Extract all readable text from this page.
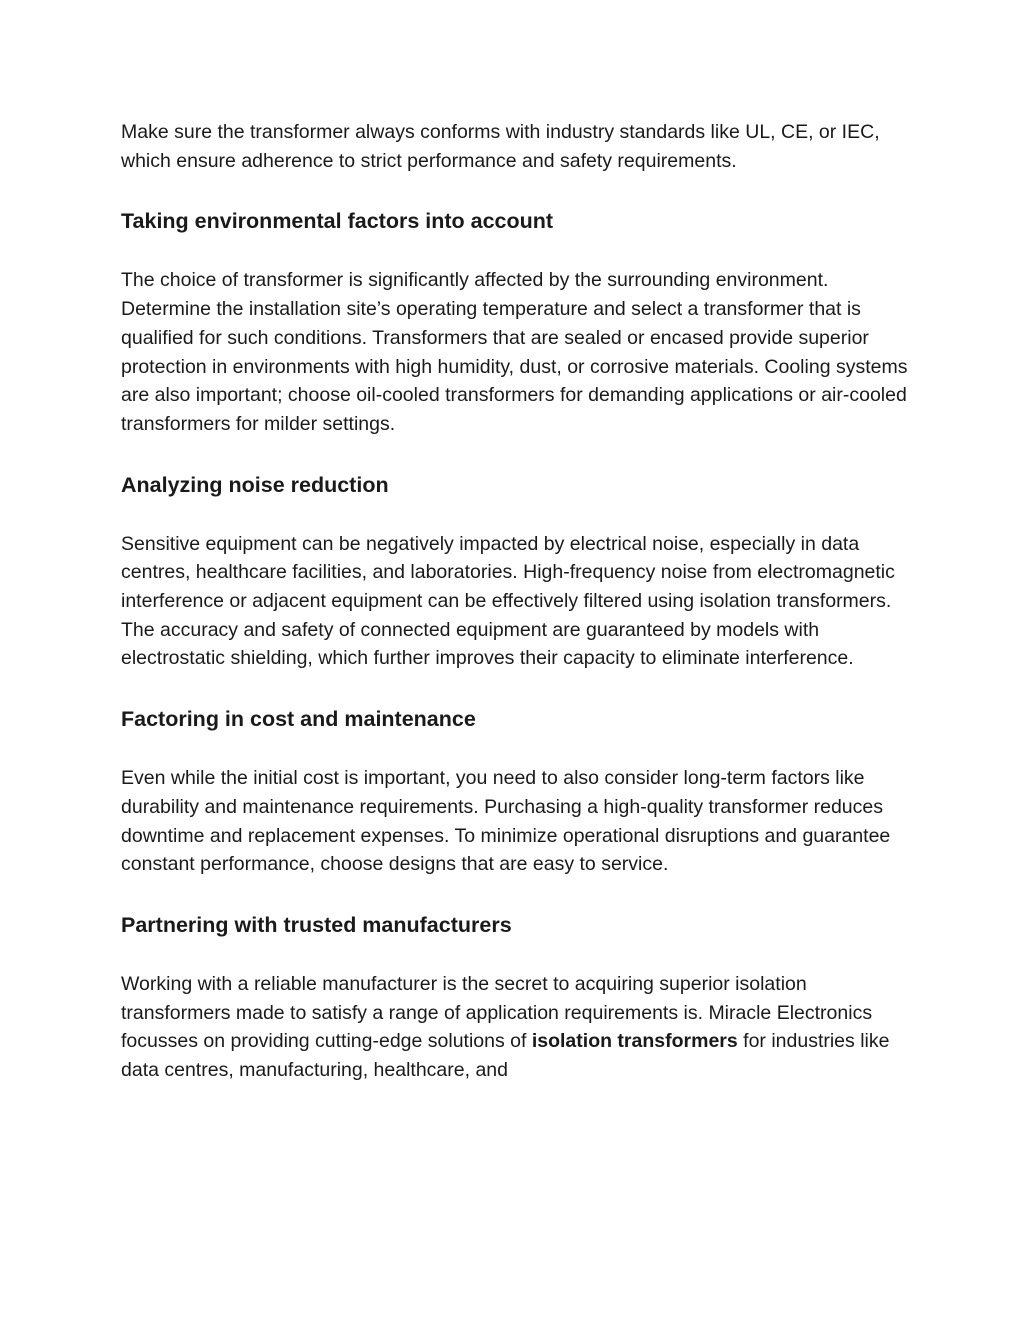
Make sure the transformer always conforms with industry standards like UL, CE, or IEC, which ensure adherence to strict performance and safety requirements.

Taking environmental factors into account

The choice of transformer is significantly affected by the surrounding environment. Determine the installation site’s operating temperature and select a transformer that is qualified for such conditions. Transformers that are sealed or encased provide superior protection in environments with high humidity, dust, or corrosive materials. Cooling systems are also important; choose oil-cooled transformers for demanding applications or air-cooled transformers for milder settings.

Analyzing noise reduction

Sensitive equipment can be negatively impacted by electrical noise, especially in data centres, healthcare facilities, and laboratories. High-frequency noise from electromagnetic interference or adjacent equipment can be effectively filtered using isolation transformers. The accuracy and safety of connected equipment are guaranteed by models with electrostatic shielding, which further improves their capacity to eliminate interference.

Factoring in cost and maintenance

Even while the initial cost is important, you need to also consider long-term factors like durability and maintenance requirements. Purchasing a high-quality transformer reduces downtime and replacement expenses. To minimize operational disruptions and guarantee constant performance, choose designs that are easy to service.

Partnering with trusted manufacturers

Working with a reliable manufacturer is the secret to acquiring superior isolation transformers made to satisfy a range of application requirements is. Miracle Electronics focusses on providing cutting-edge solutions of isolation transformers for industries like data centres, manufacturing, healthcare, and
